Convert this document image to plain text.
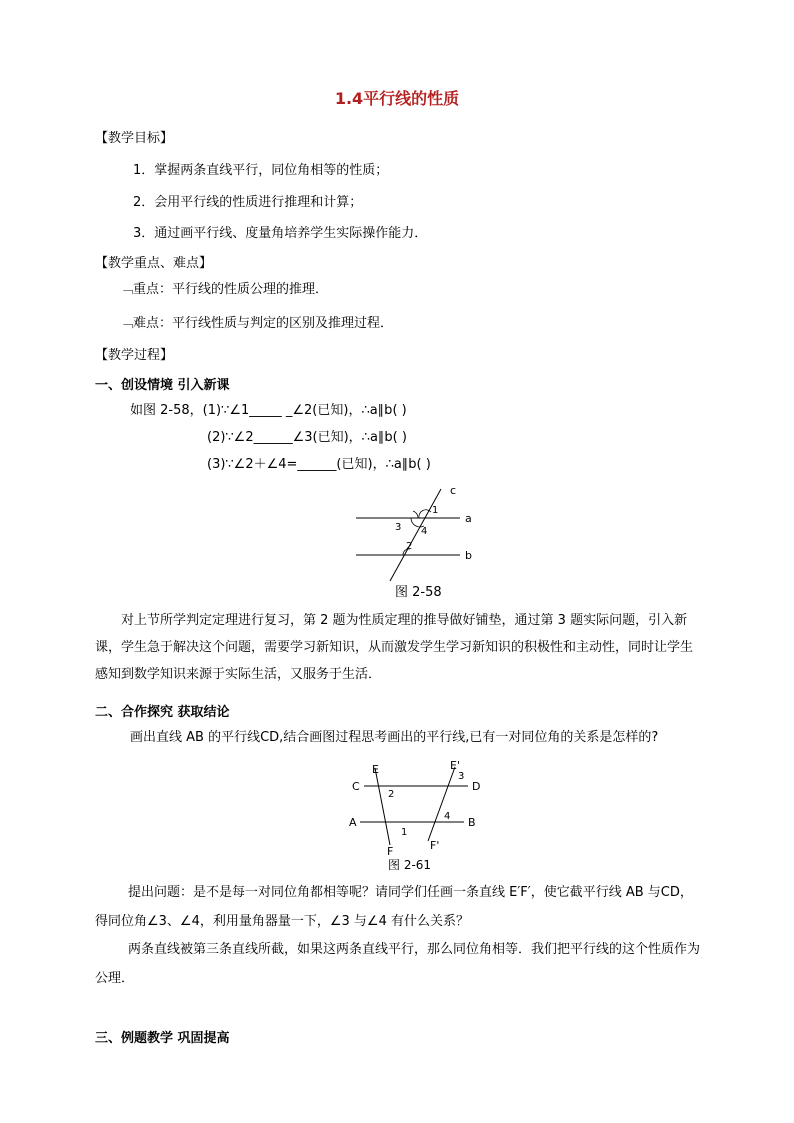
1.4平行线的性质
【教学目标】
1．掌握两条直线平行，同位角相等的性质；
2．会用平行线的性质进行推理和计算；
3．通过画平行线、度量角培养学生实际操作能力．
【教学重点、难点】
﹁重点：平行线的性质公理的推理．
﹁难点：平行线性质与判定的区别及推理过程．
【教学过程】
一、创设情境 引入新课
如图 2-58，(1)∵∠1_____ _∠2(已知)，∴a∥b( )
(2)∵∠2______∠3(已知)，∴a∥b( )
(3)∵∠2＋∠4=______(已知)，∴a∥b( )
c
a
b
1
3 4
2
图 2-58
对上节所学判定定理进行复习，第 2 题为性质定理的推导做好铺垫，通过第 3 题实际问题，引入新课，学生急于解决这个问题，需要学习新知识，从而激发学生学习新知识的积极性和主动性，同时让学生感知到数学知识来源于实际生活，又服务于生活．
二、合作探究 获取结论
画出直线 AB 的平行线CD,结合画图过程思考画出的平行线,已有一对同位角的关系是怎样的?
E	E'
C	D
A	B
F	F'
2
1
3
4
图 2-61
提出问题：是不是每一对同位角都相等呢？请同学们任画一条直线 E′F′，使它截平行线 AB 与CD，得同位角∠3、∠4，利用量角器量一下，∠3 与∠4 有什么关系？
两条直线被第三条直线所截，如果这两条直线平行，那么同位角相等．我们把平行线的这个性质作为公理．
三、例题教学 巩固提高
